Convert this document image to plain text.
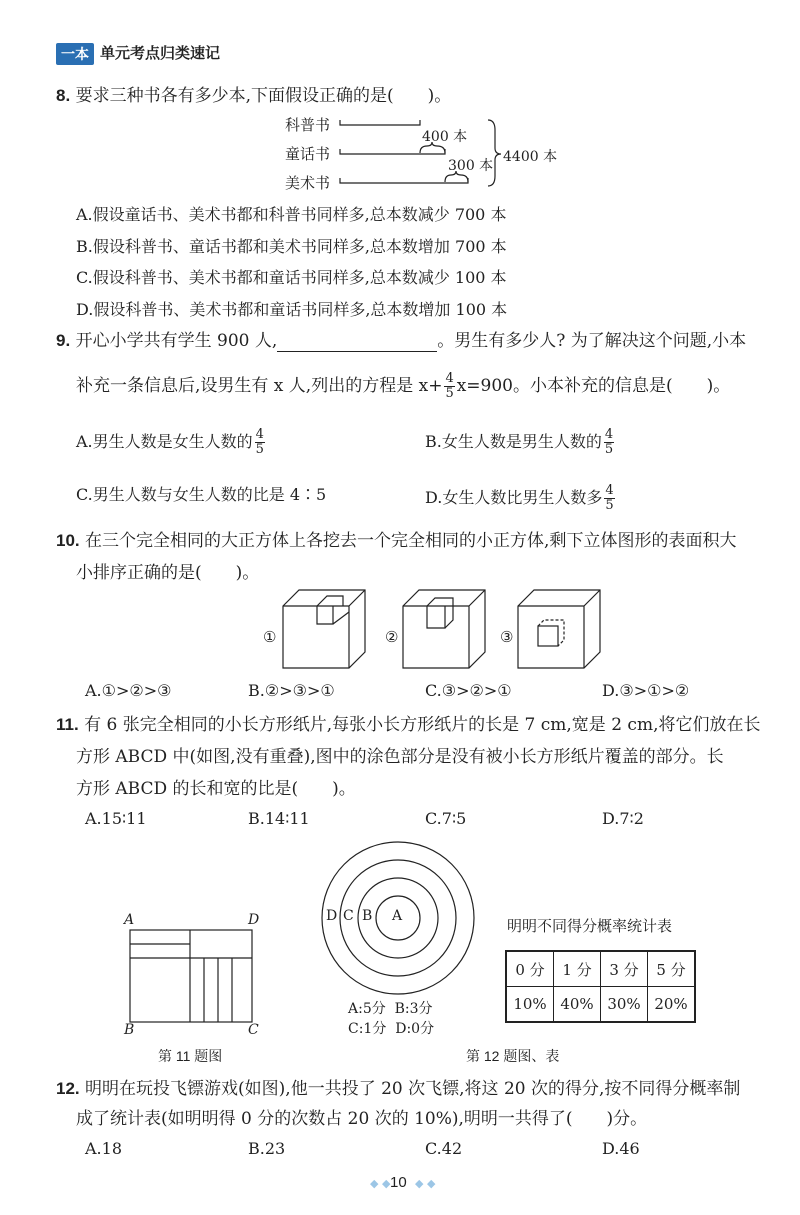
一本 单元考点归类速记
8. 要求三种书各有多少本,下面假设正确的是(　　)。
科普书
童话书
美术书
400 本
300 本
4400 本
A.假设童话书、美术书都和科普书同样多,总本数减少 700 本
B.假设科普书、童话书都和美术书同样多,总本数增加 700 本
C.假设科普书、美术书都和童话书同样多,总本数减少 100 本
D.假设科普书、美术书都和童话书同样多,总本数增加 100 本
9. 开心小学共有学生 900 人,	。男生有多少人? 为了解决这个问题,小本
补充一条信息后,设男生有 x 人,列出的方程是 $x+ \frac{4}{5} x=900$。小本补充的信息是(　　)。
A.男生人数是女生人数的 $\frac{4}{5}$	B.女生人数是男生人数的 $\frac{4}{5}$
C.男生人数与女生人数的比是 4∶5	D.女生人数比男生人数多 $\frac{4}{5}$
10. 在三个完全相同的大正方体上各挖去一个完全相同的小正方体,剩下立体图形的表面积大
小排序正确的是(　　)。
①	②	③
A.①>②>③	B.②>③>①	C.③>②>①	D.③>①>②
11. 有 6 张完全相同的小长方形纸片,每张小长方形纸片的长是 7 cm,宽是 2 cm,将它们放在长
方形 ABCD 中(如图,没有重叠),图中的涂色部分是没有被小长方形纸片覆盖的部分。长
方形 ABCD 的长和宽的比是(　　)。
A.15∶11	B.14∶11	C.7∶5	D.7∶2
A	D
B	C
第 11 题图
D C B A
A:5分  B:3分
C:1分  D:0分
明明不同得分概率统计表
0 分	1 分	3 分	5 分
10%	40%	30%	20%
第 12 题图、表
12. 明明在玩投飞镖游戏(如图),他一共投了 20 次飞镖,将这 20 次的得分,按不同得分概率制
成了统计表(如明明得 0 分的次数占 20 次的 10%),明明一共得了(　　)分。
A.18	B.23	C.42	D.46
◆ ◆ 10 ◆ ◆
